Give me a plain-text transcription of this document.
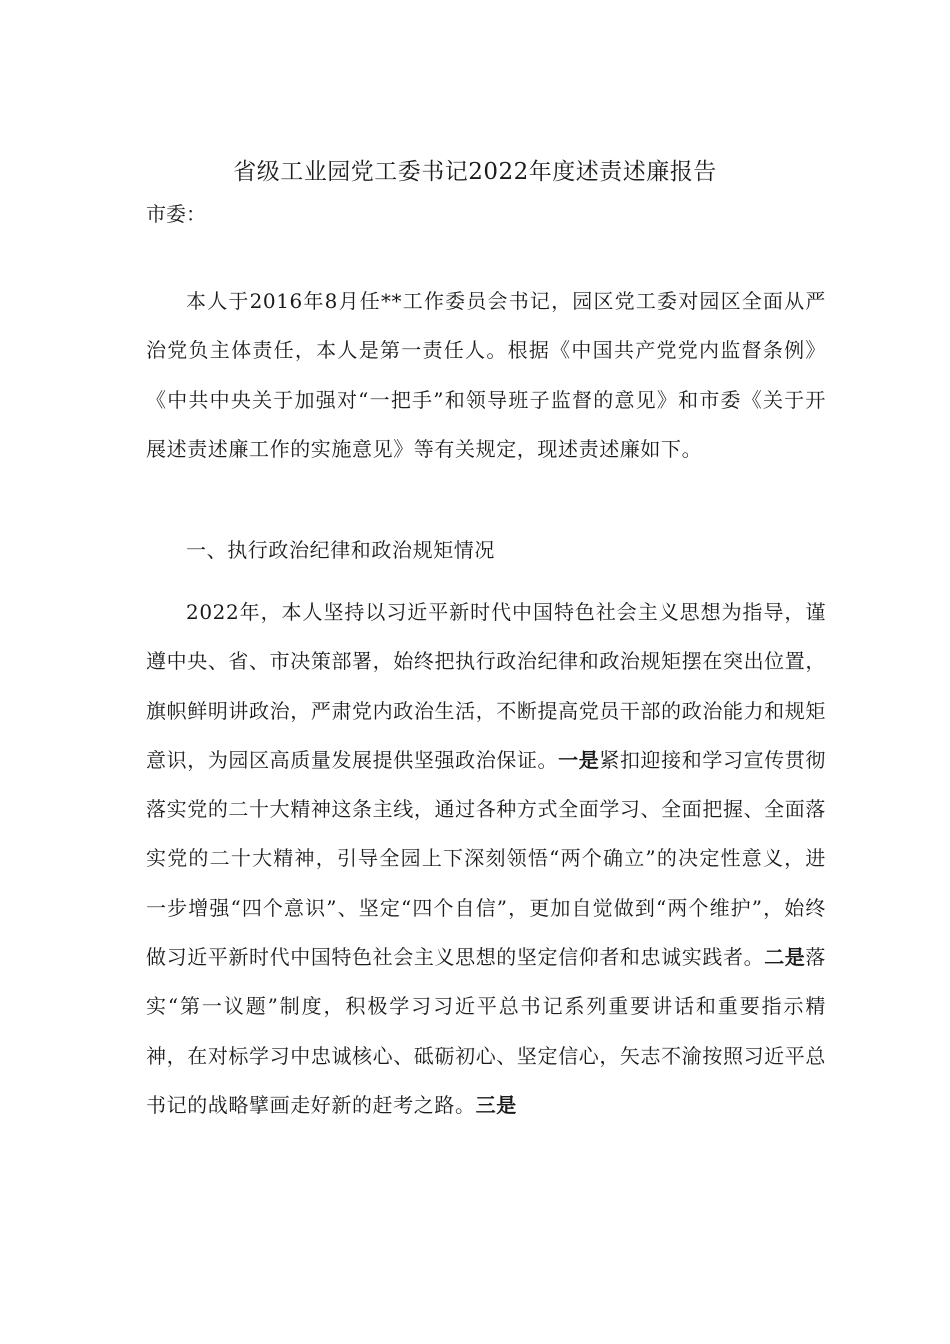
省级工业园党工委书记2022年度述责述廉报告

市委：

本人于2016年8月任**工作委员会书记，园区党工委对园区全面从严治党负主体责任，本人是第一责任人。根据《中国共产党党内监督条例》《中共中央关于加强对“一把手”和领导班子监督的意见》和市委《关于开展述责述廉工作的实施意见》等有关规定，现述责述廉如下。

一、执行政治纪律和政治规矩情况

2022年，本人坚持以习近平新时代中国特色社会主义思想为指导，谨遵中央、省、市决策部署，始终把执行政治纪律和政治规矩摆在突出位置，旗帜鲜明讲政治，严肃党内政治生活，不断提高党员干部的政治能力和规矩意识，为园区高质量发展提供坚强政治保证。一是紧扣迎接和学习宣传贯彻落实党的二十大精神这条主线，通过各种方式全面学习、全面把握、全面落实党的二十大精神，引导全园上下深刻领悟“两个确立”的决定性意义，进一步增强“四个意识”、坚定“四个自信”，更加自觉做到“两个维护”，始终做习近平新时代中国特色社会主义思想的坚定信仰者和忠诚实践者。二是落实“第一议题”制度，积极学习习近平总书记系列重要讲话和重要指示精神，在对标学习中忠诚核心、砥砺初心、坚定信心，矢志不渝按照习近平总书记的战略擘画走好新的赶考之路。三是
